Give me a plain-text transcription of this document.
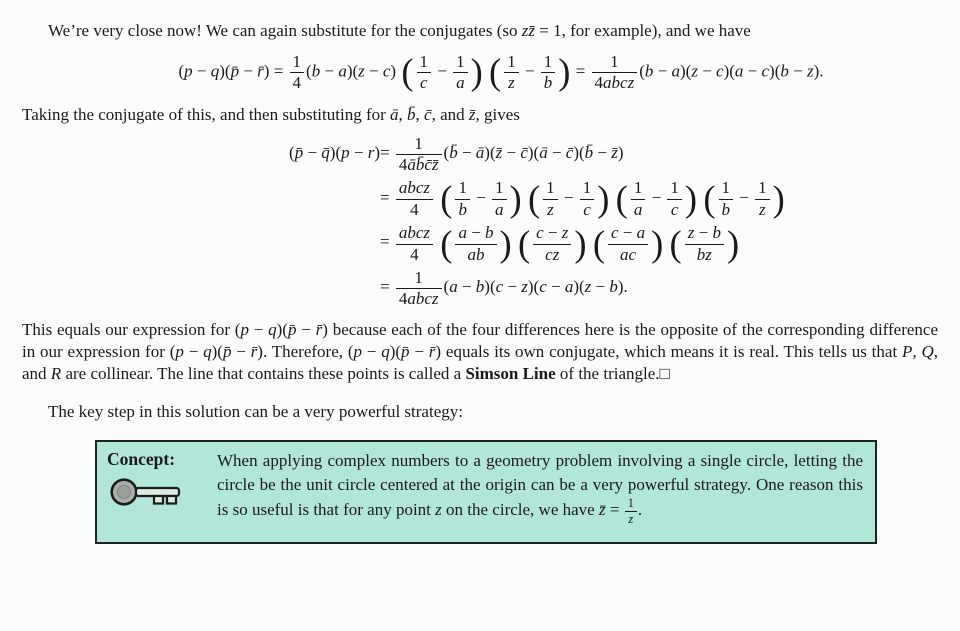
We’re very close now! We can again substitute for the conjugates (so zz̄ = 1, for example), and we have

(p − q)(p̄ − r̄) = $\frac{1}{4} (b - a)(z - c)$ ( $\frac{1}{c} - \frac{1}{a}$ ) ( $\frac{1}{z} - \frac{1}{b}$ ) = $\frac{1}{\text{4abcz}} (b - a)(z - c)(a - c)(b - z)$.

Taking the conjugate of this, and then substituting for ā, b̄, c̄, and z̄, gives

(p̄ − q̄)(p − $r)= \frac{1}{4āb̄c̄z̄}$ (b̄ − ā)(z̄ − c̄)(ā − c̄)(b̄ − z̄)
= $\frac{\text{abcz}}{4}$ ( $\frac{1}{b} - \frac{1}{a}$ ) ( $\frac{1}{z} - \frac{1}{c}$ ) ( $\frac{1}{a} - \frac{1}{c}$ ) ( $\frac{1}{b} - \frac{1}{z}$ )
= $\frac{\text{abcz}}{4}$ ( $\frac{a - b}{ab}$ ) ( $\frac{c - z}{cz}$ ) ( $\frac{c - a}{ac}$ ) ( $\frac{z - b}{bz}$ )
= $\frac{1}{\text{4abcz}} (a - b)(c - z)(c - a)(z - b)$.

This equals our expression for (p − q)(p̄ − r̄) because each of the four differences here is the opposite of the corresponding difference in our expression for (p − q)(p̄ − r̄). Therefore, (p − q)(p̄ − r̄) equals its own conjugate, which means it is real. This tells us that P, Q, and R are collinear. The line that contains these points is called a Simson Line of the triangle.□

The key step in this solution can be a very powerful strategy:

Concept:	When applying complex numbers to a geometry problem involving a single circle, letting the circle be the unit circle centered at the origin can be a very powerful strategy. One reason this is so useful is that for any point z on the circle, we have z̄ = $\frac{1}{z}$ .
